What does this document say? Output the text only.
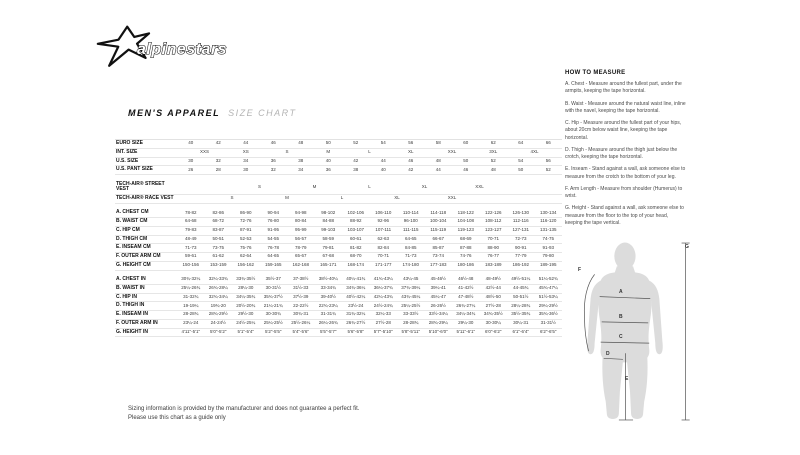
alpinestars
MEN'S APPAREL SIZE CHART
EURO SIZE	40	42	44	46	48	50	52	54	56	58	60	62	64	66
INT. SIZE	XXS		XS	S		M	L		XL	XXL		3XL	4XL	
U.S. SIZE	30	32	34	36	38	40	42	44	46	48	50	52	54	56
U.S. PANT SIZE	26	28	30	32	34	36	38	40	42	44	46	48	50	52

TECH-AIR® STREET VEST			S		M		L		XL		XXL			
TECH-AIR® RACE VEST		S		M		L		XL		XXL				

A. CHEST CM	78-82	82-86	86-90	90-94	94-98	98-102	102-106	106-110	110-114	114-118	118-122	122-126	126-130	130-134
B. WAIST CM	64-68	68-72	72-76	76-80	80-84	84-88	88-92	92-96	96-100	100-104	104-108	108-112	112-116	116-120
C. HIP CM	79-83	83-87	87-91	91-95	95-99	99-103	103-107	107-111	111-115	115-119	119-123	123-127	127-131	131-135
D. THIGH CM	48-49	50-51	52-53	54-55	56-57	58-59	60-61	62-63	64-65	66-67	68-69	70-71	72-73	74-75
E. INSEAM CM	71-73	73-75	75-76	76-78	78-79	79-81	81-82	82-84	84-85	85-87	87-88	88-90	90-91	91-93
F. OUTER ARM CM	59-61	61-62	62-64	64-65	65-67	67-68	68-70	70-71	71-73	73-74	74-76	76-77	77-79	79-80
G. HEIGHT CM	150-156	153-159	156-162	159-165	162-168	165-171	168-174	171-177	174-180	177-183	180-186	183-189	186-192	189-195

A. CHEST IN	30¾-32¼	32¼-33¾	33¾-35½	35½-37	37-38½	38½-40¼	40¼-41¾	41¾-43¼	43¼-45	45-46½	46½-48	48-49½	49½-51¼	51¼-52¾
B. WAIST IN	25¼-26¾	26¾-28¼	28¼-30	30-31½	31½-33	33-34¾	34¾-36¼	36¼-37¾	37¾-39¼	39¼-41	41-42½	42½-44	44-45¾	45¾-47¼
C. HIP IN	31-32¾	32¾-34¼	34¼-35¾	35¾-37½	37½-39	39-40½	40½-42¼	42¼-43¾	43¾-45¼	45¼-47	47-48½	48½-50	50-51½	51½-53¼
D. THIGH IN	19-19¼	19¾-20	20½-20¾	21¼-21¾	22-22½	22¾-23¼	23½-24	24½-24¾	25¼-25½	26-26½	26¾-27¼	27½-28	28¼-28¾	29¼-29½
E. INSEAM IN	28-28¾	28¾-29½	29½-30	30-30¾	30¾-31	31-31¾	31¾-32¼	32¼-33	33-33½	33½-34¼	34¼-34¾	34¾-35½	35½-35¾	35¾-36½
F. OUTER ARM IN	23¼-24	24-24½	24½-25¼	25¼-25½	25½-26¼	26¼-26¾	26¾-27½	27½-28	28-28¾	28¾-29¼	29¼-30	30-30¼	30¼-31	31-31½
G. HEIGHT IN	4'11"-5'1"	5'0"-5'2"	5'1"-5'4"	5'2"-5'5"	5'4"-5'6"	5'5"-5'7"	5'6"-5'8"	5'7"-5'10"	5'8"-5'11"	5'10"-6'0"	5'11"-6'1"	6'0"-6'2"	6'1"-6'4"	6'2"-6'5"
HOW TO MEASURE

A. Chest - Measure around the fullest part, under the armpits, keeping the tape horizontal.

B. Waist - Measure around the natural waist line, inline with the navel, keeping the tape horizontal.

C. Hip - Measure around the fullest part of your hips, about 20cm below waist line, keeping the tape horizontal.

D. Thigh - Measure around the thigh just below the crotch, keeping the tape horizontal.

E. Inseam - Stand against a wall, ask someone else to measure from the crotch to the bottom of your leg.

F. Arm Length - Measure from shoulder (Humerus) to wrist.

G. Height - Stand against a wall, ask someone else to measure from the floor to the top of your head, keeping the tape vertical.

A
B
C
D
E
F
G
Sizing information is provided by the manufacturer and does not guarantee a perfect fit.
Please use this chart as a guide only
